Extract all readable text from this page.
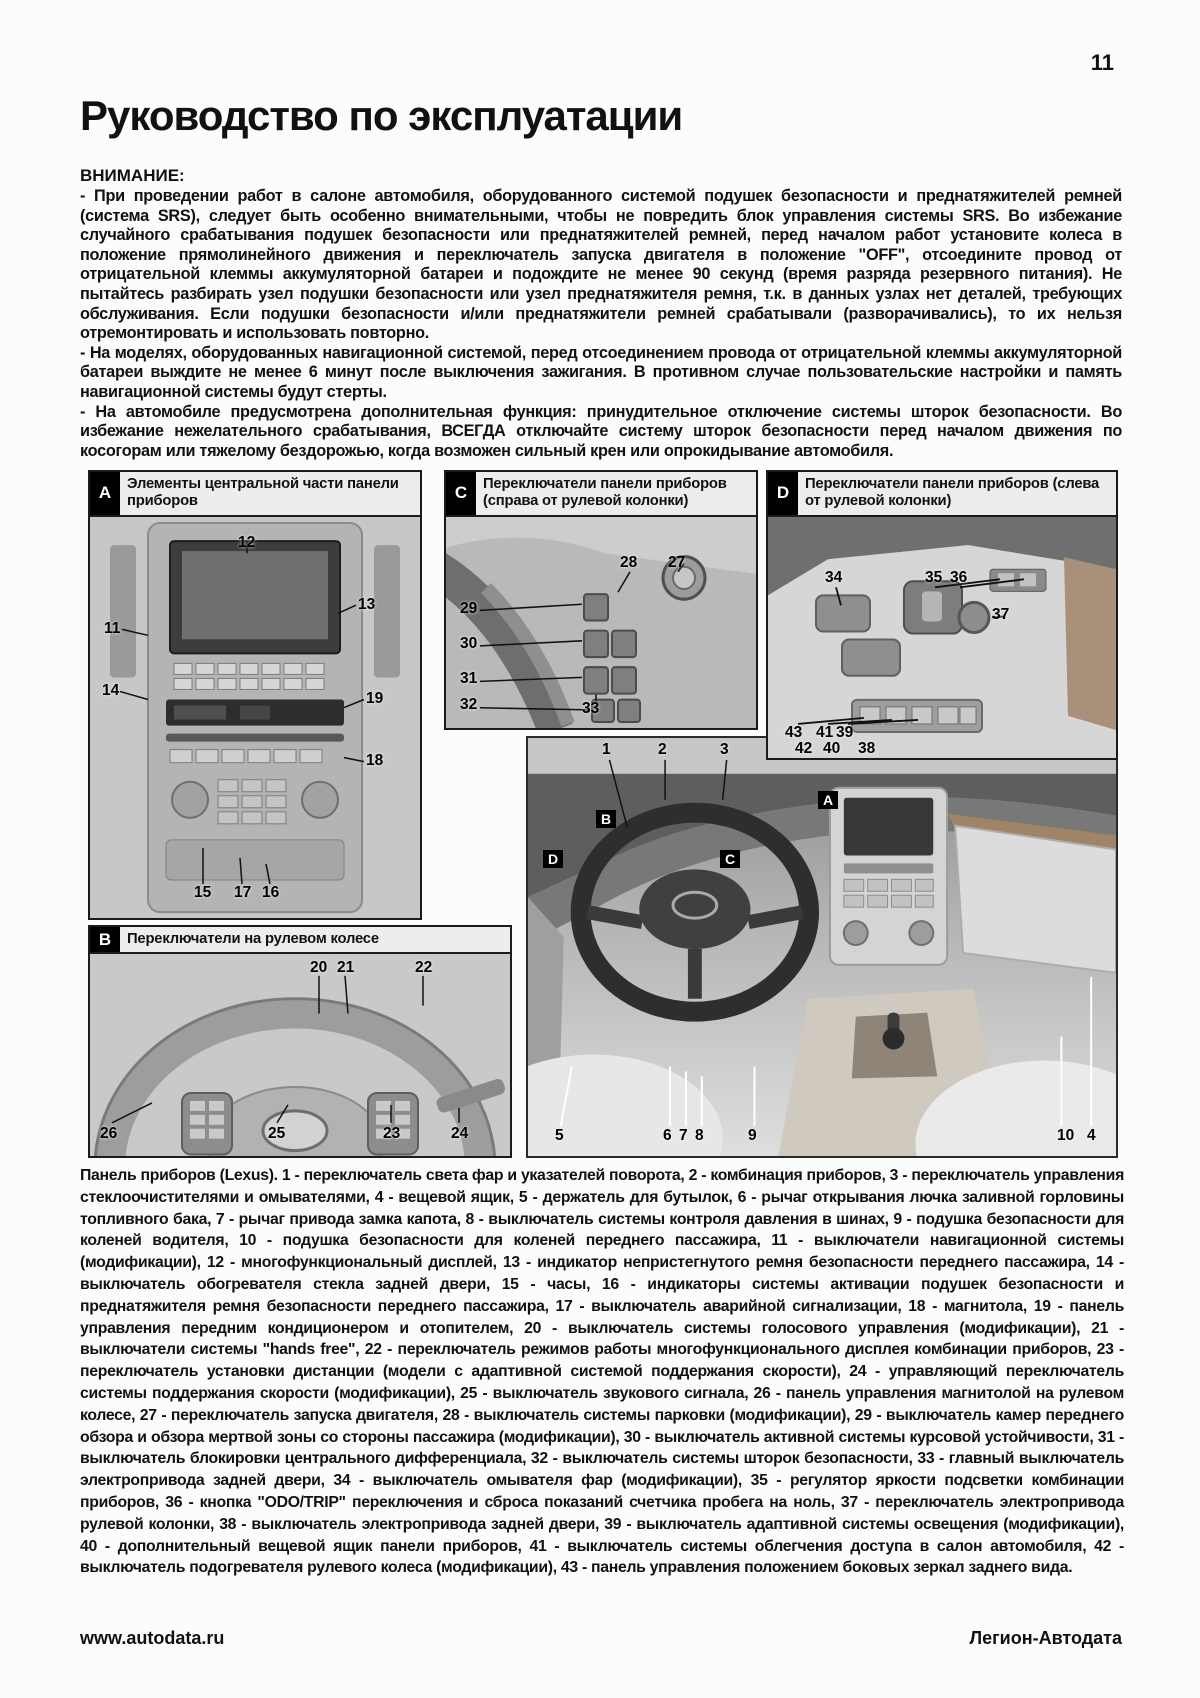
11
Руководство по эксплуатации

ВНИМАНИЕ:

- При проведении работ в салоне автомобиля, оборудованного системой подушек безопасности и преднатяжителей ремней (система SRS), следует быть особенно внимательными, чтобы не повредить блок управления системы SRS. Во избежание случайного срабатывания подушек безопасности или преднатяжителей ремней, перед началом работ установите колеса в положение прямолинейного движения и переключатель запуска двигателя в положение "OFF", отсоедините провод от отрицательной клеммы аккумуляторной батареи и подождите не менее 90 секунд (время разряда резервного питания). Не пытайтесь разбирать узел подушки безопасности или узел преднатяжителя ремня, т.к. в данных узлах нет деталей, требующих обслуживания. Если подушки безопасности и/или преднатяжители ремней срабатывали (разворачивались), то их нельзя отремонтировать и использовать повторно.

- На моделях, оборудованных навигационной системой, перед отсоединением провода от отрицательной клеммы аккумуляторной батареи выждите не менее 6 минут после выключения зажигания. В противном случае пользовательские настройки и память навигационной системы будут стерты.

- На автомобиле предусмотрена дополнительная функция: принудительное отключение системы шторок безопасности. Во избежание нежелательного срабатывания, ВСЕГДА отключайте систему шторок безопасности перед началом движения по косогорам или тяжелому бездорожью, когда возможен сильный крен или опрокидывание автомобиля.

A	Элементы центральной части панели приборов
12
11
13
14	19
18
15 17 16
C	Переключатели панели приборов (справа от рулевой колонки)
28 27
29
30
31
32	33
D	Переключатели панели приборов (слева от рулевой колонки)
34	35 36
37
43 41 39
42 40 38
B	Переключатели на рулевом колесе
20 21	22
26	25	23	24
1	2	3
B
D	C
A
5	6 7 8	9	10 4

Панель приборов (Lexus). 1 - переключатель света фар и указателей поворота, 2 - комбинация приборов, 3 - переключатель управления стеклоочистителями и омывателями, 4 - вещевой ящик, 5 - держатель для бутылок, 6 - рычаг открывания лючка заливной горловины топливного бака, 7 - рычаг привода замка капота, 8 - выключатель системы контроля давления в шинах, 9 - подушка безопасности для коленей водителя, 10 - подушка безопасности для коленей переднего пассажира, 11 - выключатели навигационной системы (модификации), 12 - многофункциональный дисплей, 13 - индикатор непристегнутого ремня безопасности переднего пассажира, 14 - выключатель обогревателя стекла задней двери, 15 - часы, 16 - индикаторы системы активации подушек безопасности и преднатяжителя ремня безопасности переднего пассажира, 17 - выключатель аварийной сигнализации, 18 - магнитола, 19 - панель управления передним кондиционером и отопителем, 20 - выключатель системы голосового управления (модификации), 21 - выключатели системы "hands free", 22 - переключатель режимов работы многофункционального дисплея комбинации приборов, 23 - переключатель установки дистанции (модели с адаптивной системой поддержания скорости), 24 - управляющий переключатель системы поддержания скорости (модификации), 25 - выключатель звукового сигнала, 26 - панель управления магнитолой на рулевом колесе, 27 - переключатель запуска двигателя, 28 - выключатель системы парковки (модификации), 29 - выключатель камер переднего обзора и обзора мертвой зоны со стороны пассажира (модификации), 30 - выключатель активной системы курсовой устойчивости, 31 - выключатель блокировки центрального дифференциала, 32 - выключатель системы шторок безопасности, 33 - главный выключатель электропривода задней двери, 34 - выключатель омывателя фар (модификации), 35 - регулятор яркости подсветки комбинации приборов, 36 - кнопка "ODO/TRIP" переключения и сброса показаний счетчика пробега на ноль, 37 - переключатель электропривода рулевой колонки, 38 - выключатель электропривода задней двери, 39 - выключатель адаптивной системы освещения (модификации), 40 - дополнительный вещевой ящик панели приборов, 41 - выключатель системы облегчения доступа в салон автомобиля, 42 - выключатель подогревателя рулевого колеса (модификации), 43 - панель управления положением боковых зеркал заднего вида.

www.autodata.ru	Легион-Автодата
